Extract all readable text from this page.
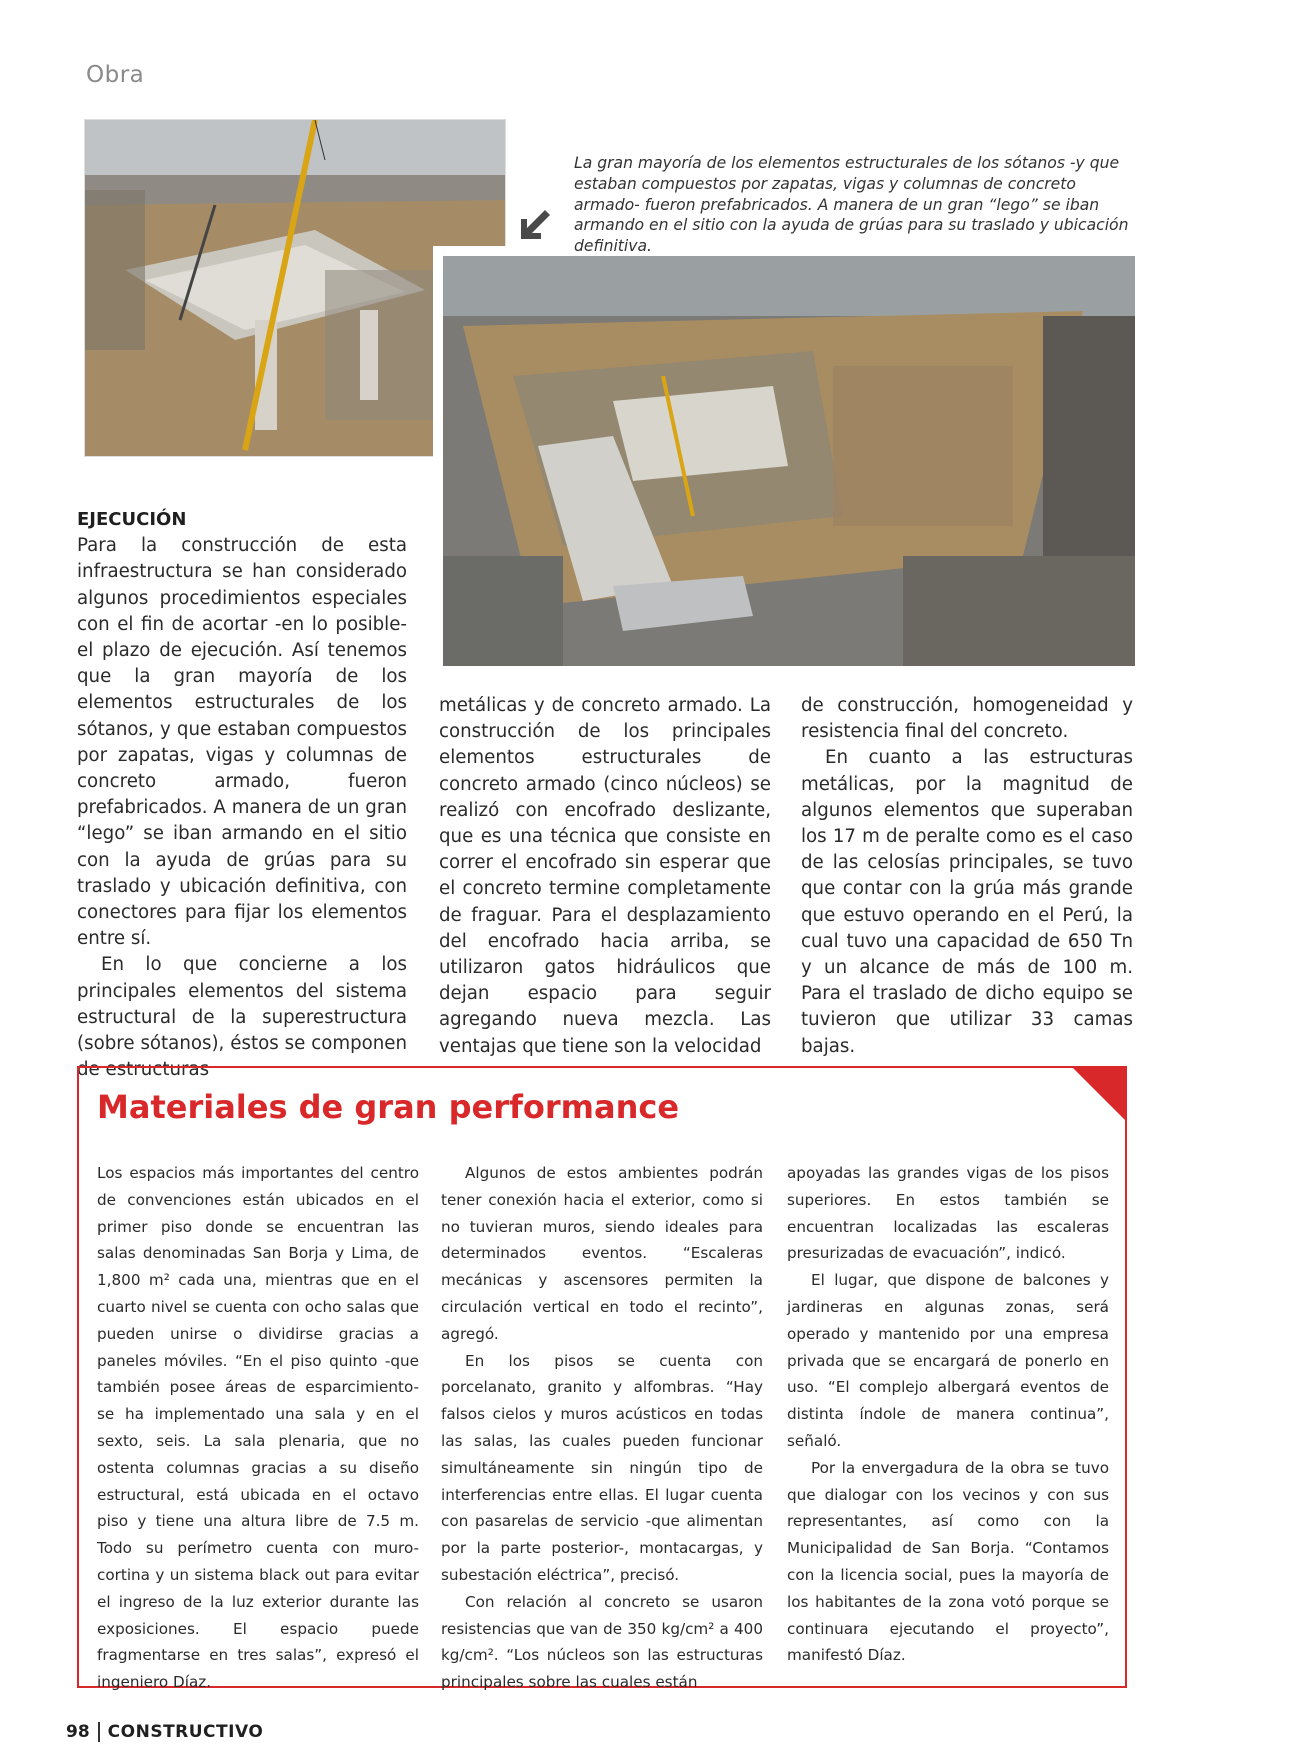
Obra
La gran mayoría de los elementos estructurales de los sótanos -y que estaban compuestos por zapatas, vigas y columnas de concreto armado- fueron prefabricados. A manera de un gran “lego” se iban armando en el sitio con la ayuda de grúas para su traslado y ubicación definitiva.

EJECUCIÓN

Para la construcción de esta infraestructura se han considerado algunos procedimientos especiales con el fin de acortar -en lo posible- el plazo de ejecución. Así tenemos que la gran mayoría de los elementos estructurales de los sótanos, y que estaban compuestos por zapatas, vigas y columnas de concreto armado, fueron prefabricados. A manera de un gran “lego” se iban armando en el sitio con la ayuda de grúas para su traslado y ubicación definitiva, con conectores para fijar los elementos entre sí.

En lo que concierne a los principales elementos del sistema estructural de la superestructura (sobre sótanos), éstos se componen de estructuras

metálicas y de concreto armado. La construcción de los principales elementos estructurales de concreto armado (cinco núcleos) se realizó con encofrado deslizante, que es una técnica que consiste en correr el encofrado sin esperar que el concreto termine completamente de fraguar. Para el desplazamiento del encofrado hacia arriba, se utilizaron gatos hidráulicos que dejan espacio para seguir agregando nueva mezcla. Las ventajas que tiene son la velocidad

de construcción, homogeneidad y resistencia final del concreto.

En cuanto a las estructuras metálicas, por la magnitud de algunos elementos que superaban los 17 m de peralte como es el caso de las celosías principales, se tuvo que contar con la grúa más grande que estuvo operando en el Perú, la cual tuvo una capacidad de 650 Tn y un alcance de más de 100 m. Para el traslado de dicho equipo se tuvieron que utilizar 33 camas bajas.

Materiales de gran performance

Los espacios más importantes del centro de convenciones están ubicados en el primer piso donde se encuentran las salas denominadas San Borja y Lima, de 1,800 m² cada una, mientras que en el cuarto nivel se cuenta con ocho salas que pueden unirse o dividirse gracias a paneles móviles. “En el piso quinto -que también posee áreas de esparcimiento- se ha implementado una sala y en el sexto, seis. La sala plenaria, que no ostenta columnas gracias a su diseño estructural, está ubicada en el octavo piso y tiene una altura libre de 7.5 m. Todo su perímetro cuenta con muro-cortina y un sistema black out para evitar el ingreso de la luz exterior durante las exposiciones. El espacio puede fragmentarse en tres salas”, expresó el ingeniero Díaz.

Algunos de estos ambientes podrán tener conexión hacia el exterior, como si no tuvieran muros, siendo ideales para determinados eventos. “Escaleras mecánicas y ascensores permiten la circulación vertical en todo el recinto”, agregó.

En los pisos se cuenta con porcelanato, granito y alfombras. “Hay falsos cielos y muros acústicos en todas las salas, las cuales pueden funcionar simultáneamente sin ningún tipo de interferencias entre ellas. El lugar cuenta con pasarelas de servicio -que alimentan por la parte posterior-, montacargas, y subestación eléctrica”, precisó.

Con relación al concreto se usaron resistencias que van de 350 kg/cm² a 400 kg/cm². “Los núcleos son las estructuras principales sobre las cuales están

apoyadas las grandes vigas de los pisos superiores. En estos también se encuentran localizadas las escaleras presurizadas de evacuación”, indicó.

El lugar, que dispone de balcones y jardineras en algunas zonas, será operado y mantenido por una empresa privada que se encargará de ponerlo en uso. “El complejo albergará eventos de distinta índole de manera continua”, señaló.

Por la envergadura de la obra se tuvo que dialogar con los vecinos y con sus representantes, así como con la Municipalidad de San Borja. “Contamos con la licencia social, pues la mayoría de los habitantes de la zona votó porque se continuara ejecutando el proyecto”, manifestó Díaz.

98 CONSTRUCTIVO
